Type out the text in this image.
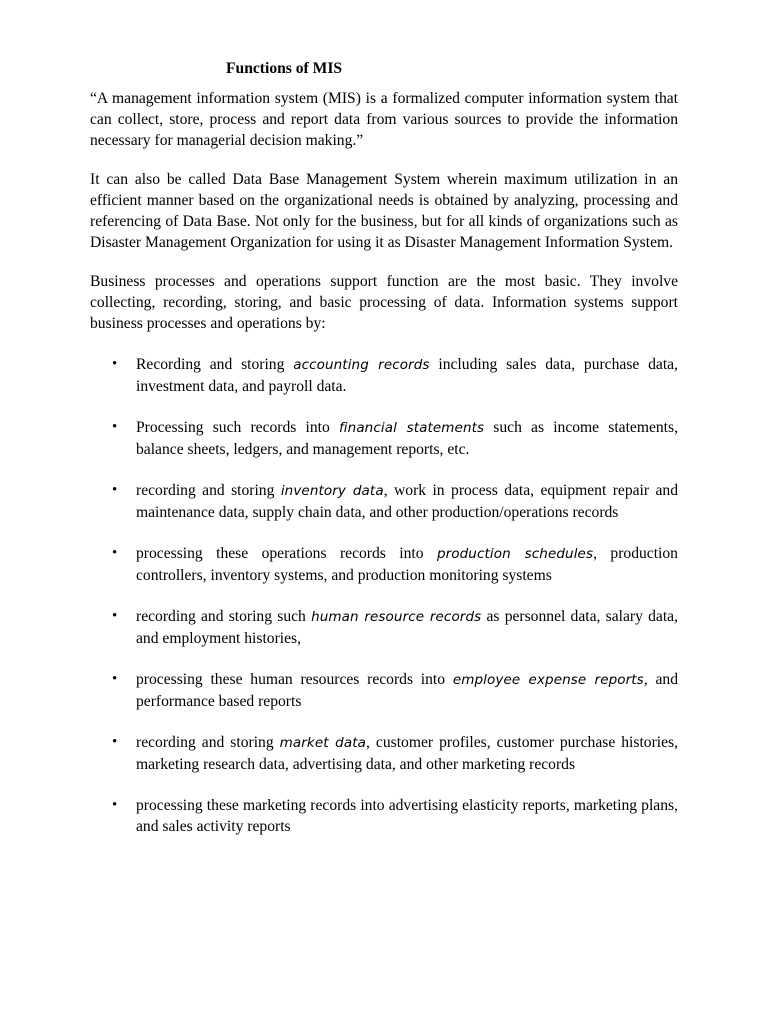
Functions of MIS

“A management information system (MIS) is a formalized computer information system that can collect, store, process and report data from various sources to provide the information necessary for managerial decision making.”

It can also be called Data Base Management System wherein maximum utilization in an efficient manner based on the organizational needs is obtained by analyzing, processing and referencing of Data Base. Not only for the business, but for all kinds of organizations such as Disaster Management Organization for using it as Disaster Management Information System.

Business processes and operations support function are the most basic. They involve collecting, recording, storing, and basic processing of data. Information systems support business processes and operations by:

• Recording and storing accounting records including sales data, purchase data, investment data, and payroll data.
• Processing such records into financial statements such as income statements, balance sheets, ledgers, and management reports, etc.
• recording and storing inventory data, work in process data, equipment repair and maintenance data, supply chain data, and other production/operations records
• processing these operations records into production schedules, production controllers, inventory systems, and production monitoring systems
• recording and storing such human resource records as personnel data, salary data, and employment histories,
• processing these human resources records into employee expense reports, and performance based reports
• recording and storing market data, customer profiles, customer purchase histories, marketing research data, advertising data, and other marketing records
• processing these marketing records into advertising elasticity reports, marketing plans, and sales activity reports
